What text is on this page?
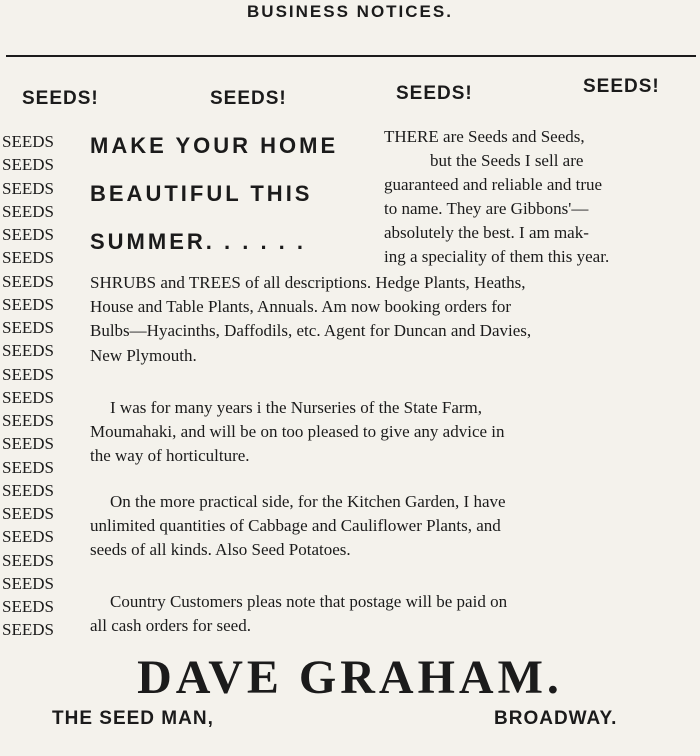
BUSINESS NOTICES.
SEEDS!	SEEDS!	SEEDS!	SEEDS!
SEEDS
SEEDS
SEEDS
SEEDS
SEEDS
SEEDS
SEEDS
SEEDS
SEEDS
SEEDS
SEEDS
SEEDS
SEEDS
SEEDS
SEEDS
SEEDS
SEEDS
SEEDS
SEEDS
SEEDS
SEEDS
SEEDS
MAKE YOUR HOME
BEAUTIFUL THIS
SUMMER. . . . . .
THERE are Seeds and Seeds,
but the Seeds I sell are
guaranteed and reliable and true
to name. They are Gibbons'—
absolutely the best. I am mak-
ing a speciality of them this year.
SHRUBS and TREES of all descriptions. Hedge Plants, Heaths,
House and Table Plants, Annuals. Am now booking orders for
Bulbs—Hyacinths, Daffodils, etc. Agent for Duncan and Davies,
New Plymouth.
I was for many years i the Nurseries of the State Farm,
Moumahaki, and will be on too pleased to give any advice in
the way of horticulture.
On the more practical side, for the Kitchen Garden, I have
unlimited quantities of Cabbage and Cauliflower Plants, and
seeds of all kinds. Also Seed Potatoes.
Country Customers pleas note that postage will be paid on
all cash orders for seed.
DAVE GRAHAM.
THE SEED MAN,	BROADWAY.
